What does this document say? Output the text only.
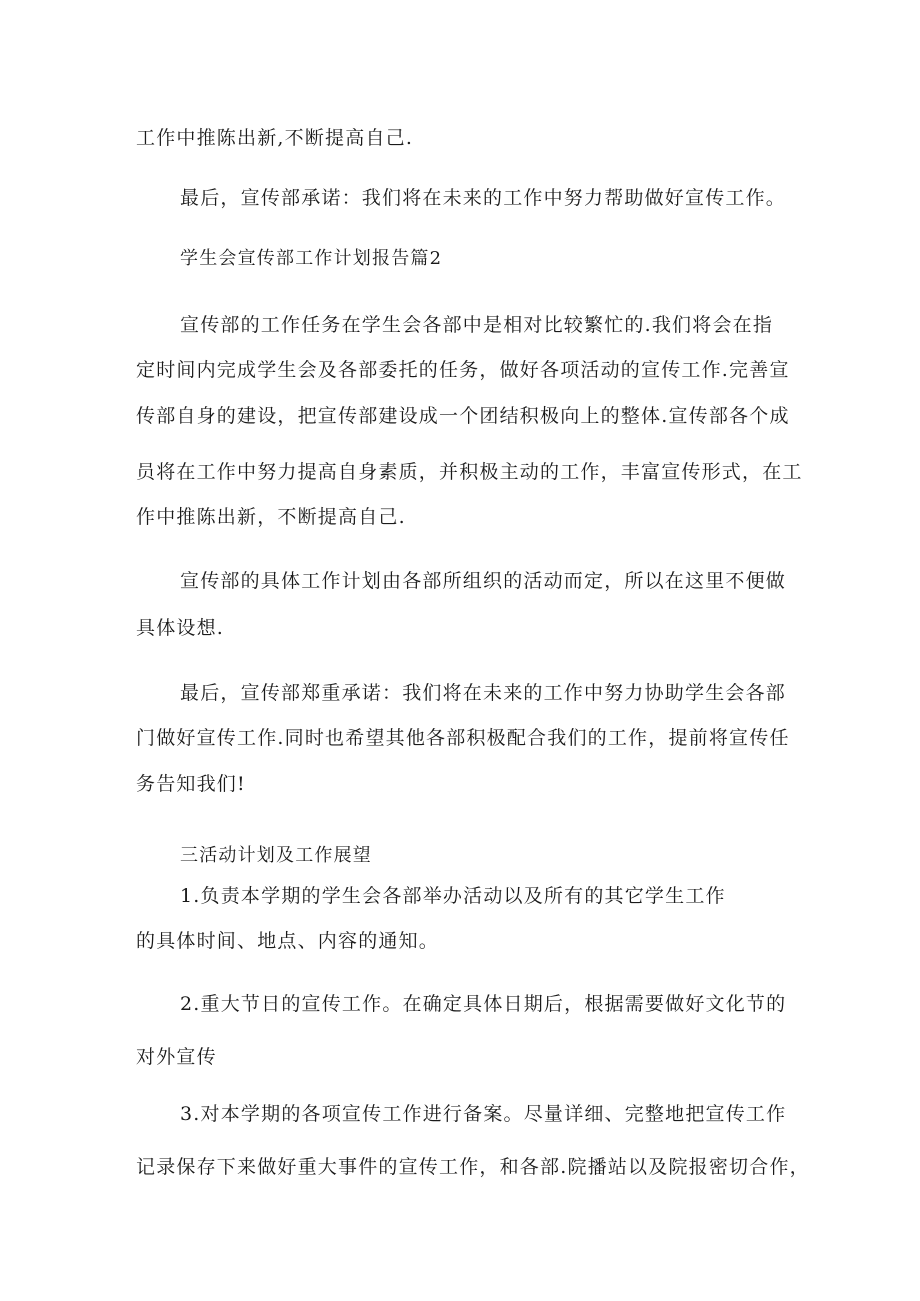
工作中推陈出新,不断提高自己.

最后，宣传部承诺：我们将在未来的工作中努力帮助做好宣传工作。

学生会宣传部工作计划报告篇2

宣传部的工作任务在学生会各部中是相对比较繁忙的.我们将会在指

定时间内完成学生会及各部委托的任务，做好各项活动的宣传工作.完善宣

传部自身的建设，把宣传部建设成一个团结积极向上的整体.宣传部各个成

员将在工作中努力提高自身素质，并积极主动的工作，丰富宣传形式，在工

作中推陈出新，不断提高自己.

宣传部的具体工作计划由各部所组织的活动而定，所以在这里不便做

具体设想.

最后，宣传部郑重承诺：我们将在未来的工作中努力协助学生会各部

门做好宣传工作.同时也希望其他各部积极配合我们的工作，提前将宣传任

务告知我们!

三活动计划及工作展望

1.负责本学期的学生会各部举办活动以及所有的其它学生工作

的具体时间、地点、内容的通知。

2.重大节日的宣传工作。在确定具体日期后，根据需要做好文化节的

对外宣传

3.对本学期的各项宣传工作进行备案。尽量详细、完整地把宣传工作

记录保存下来做好重大事件的宣传工作，和各部.院播站以及院报密切合作，
